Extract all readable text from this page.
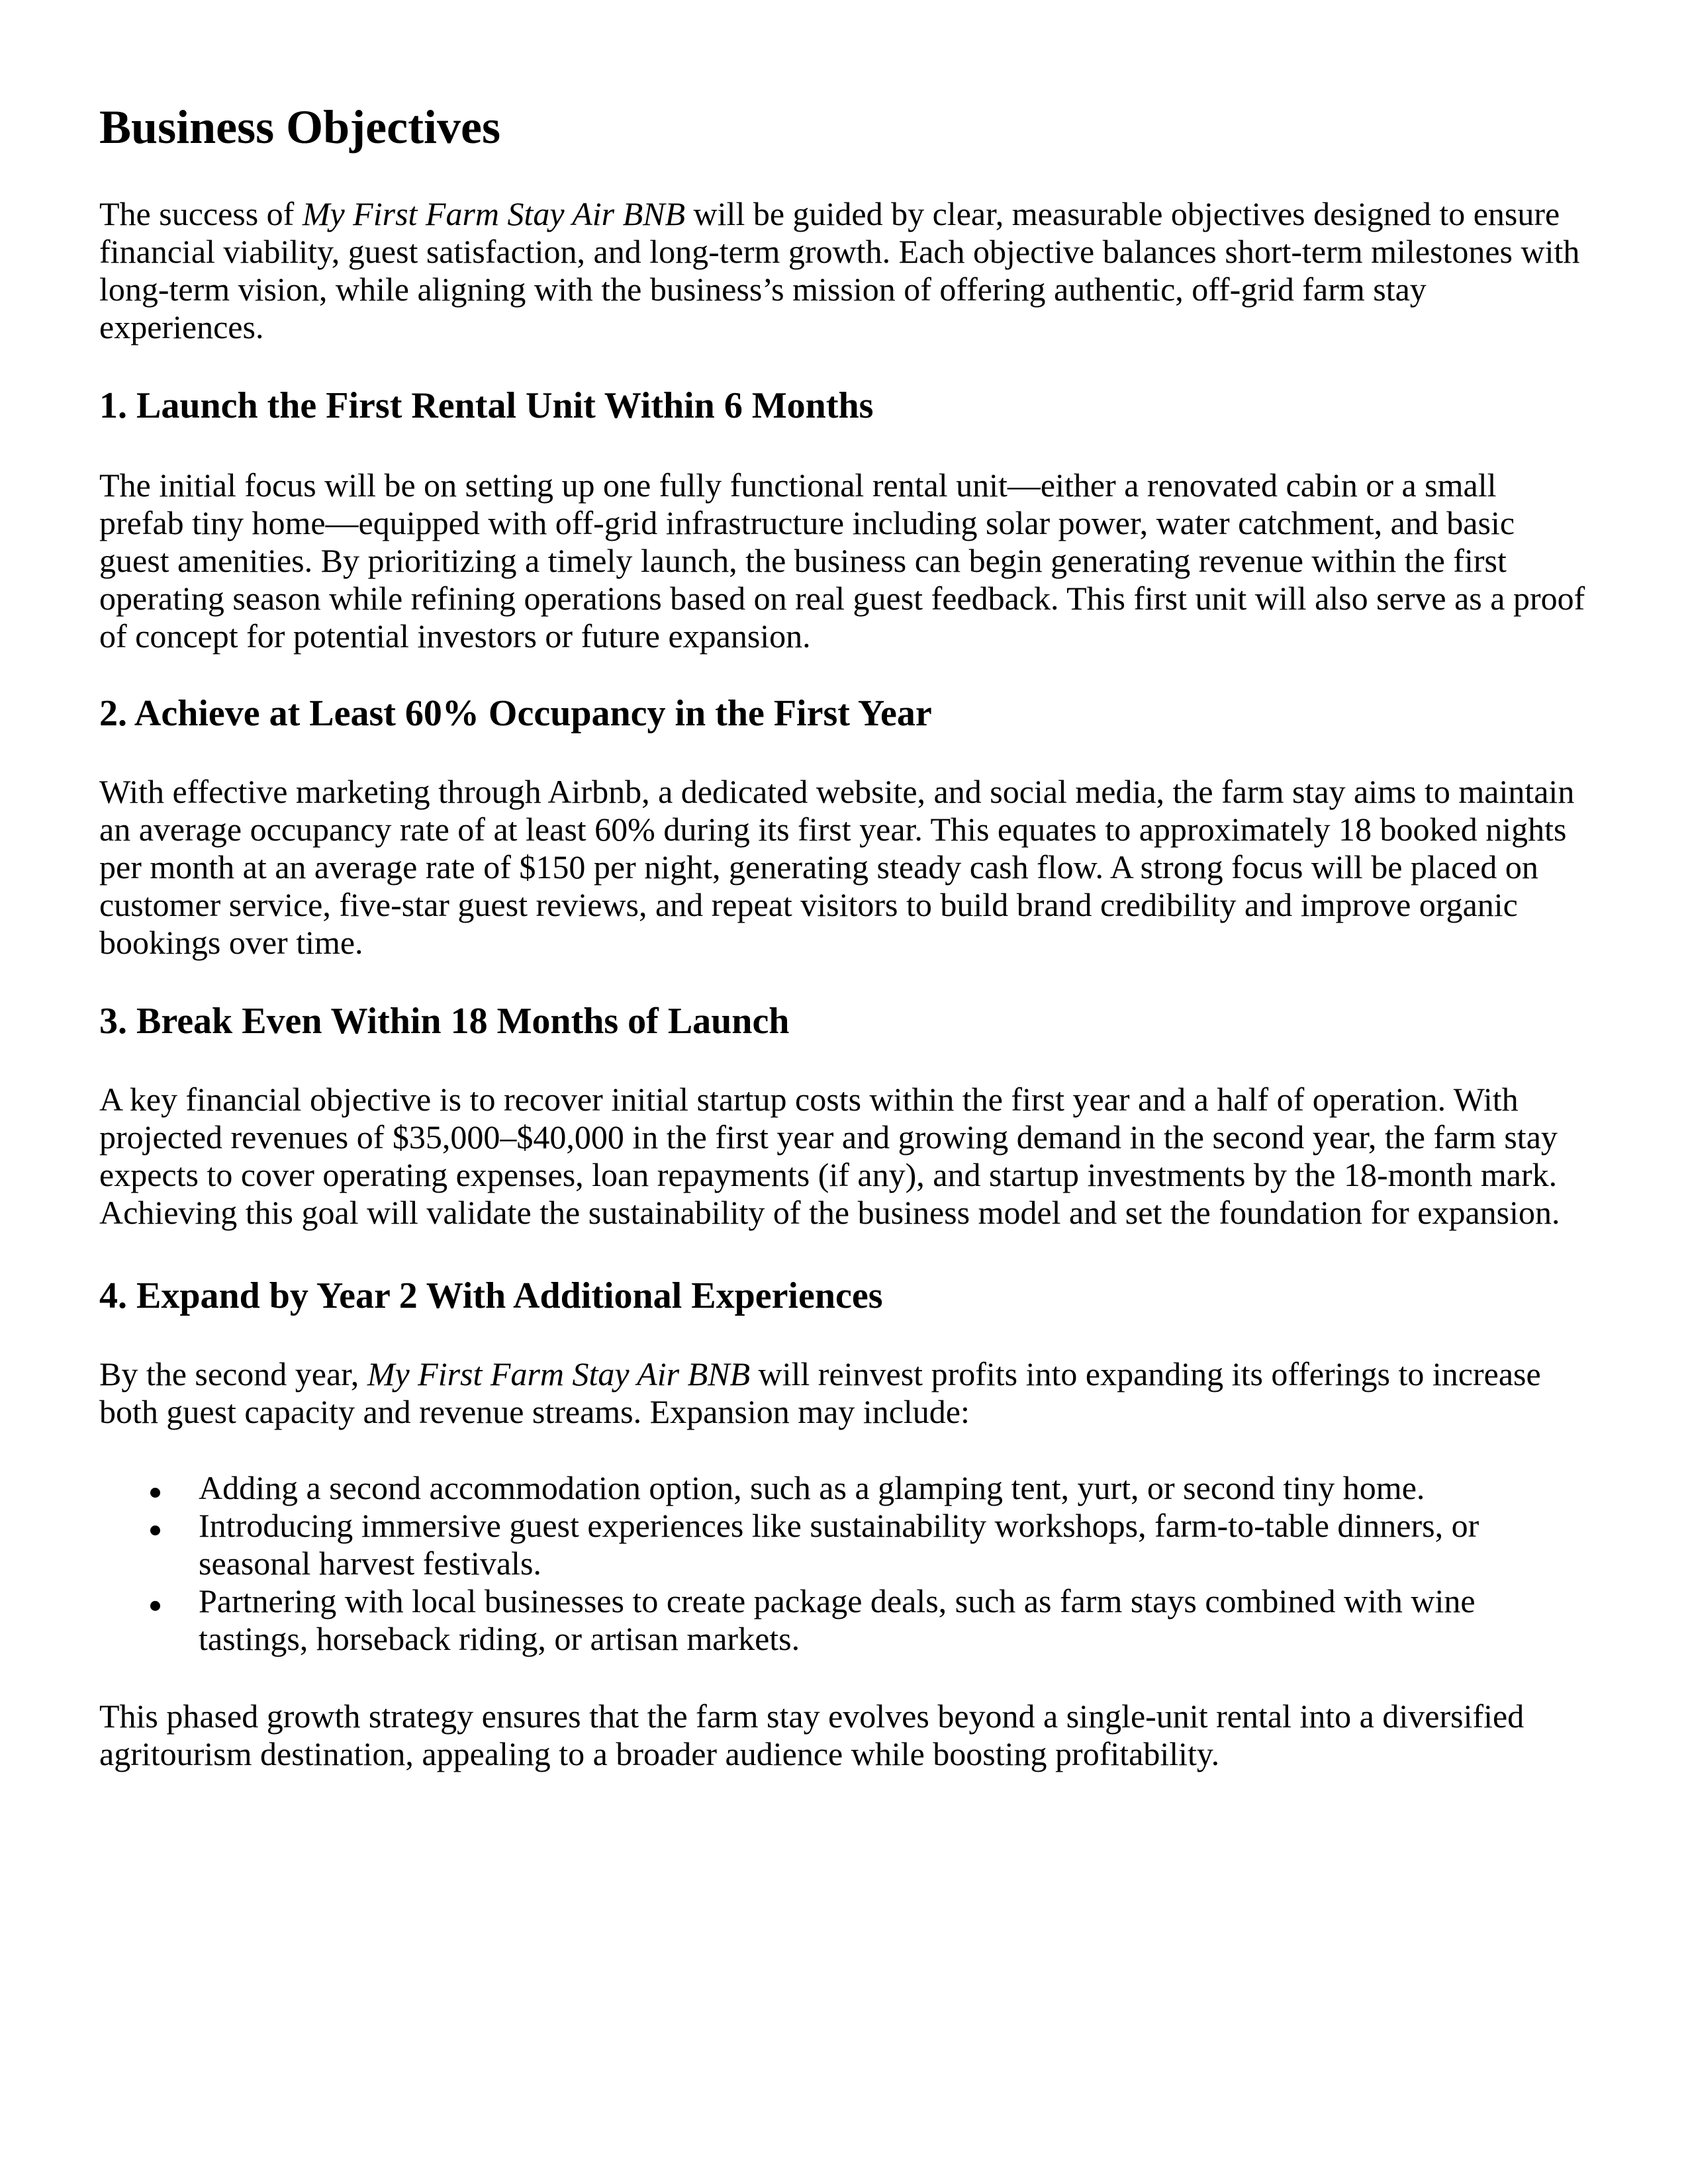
Business Objectives

The success of My First Farm Stay Air BNB will be guided by clear, measurable objectives designed to ensure
financial viability, guest satisfaction, and long-term growth. Each objective balances short-term milestones with
long-term vision, while aligning with the business’s mission of offering authentic, off-grid farm stay
experiences.

1. Launch the First Rental Unit Within 6 Months

The initial focus will be on setting up one fully functional rental unit—either a renovated cabin or a small
prefab tiny home—equipped with off-grid infrastructure including solar power, water catchment, and basic
guest amenities. By prioritizing a timely launch, the business can begin generating revenue within the first
operating season while refining operations based on real guest feedback. This first unit will also serve as a proof
of concept for potential investors or future expansion.

2. Achieve at Least 60% Occupancy in the First Year

With effective marketing through Airbnb, a dedicated website, and social media, the farm stay aims to maintain
an average occupancy rate of at least 60% during its first year. This equates to approximately 18 booked nights
per month at an average rate of $150 per night, generating steady cash flow. A strong focus will be placed on
customer service, five-star guest reviews, and repeat visitors to build brand credibility and improve organic
bookings over time.

3. Break Even Within 18 Months of Launch

A key financial objective is to recover initial startup costs within the first year and a half of operation. With
projected revenues of $35,000–$40,000 in the first year and growing demand in the second year, the farm stay
expects to cover operating expenses, loan repayments (if any), and startup investments by the 18-month mark.
Achieving this goal will validate the sustainability of the business model and set the foundation for expansion.

4. Expand by Year 2 With Additional Experiences

By the second year, My First Farm Stay Air BNB will reinvest profits into expanding its offerings to increase
both guest capacity and revenue streams. Expansion may include:

Adding a second accommodation option, such as a glamping tent, yurt, or second tiny home.
Introducing immersive guest experiences like sustainability workshops, farm-to-table dinners, or
seasonal harvest festivals.
Partnering with local businesses to create package deals, such as farm stays combined with wine
tastings, horseback riding, or artisan markets.

This phased growth strategy ensures that the farm stay evolves beyond a single-unit rental into a diversified
agritourism destination, appealing to a broader audience while boosting profitability.
